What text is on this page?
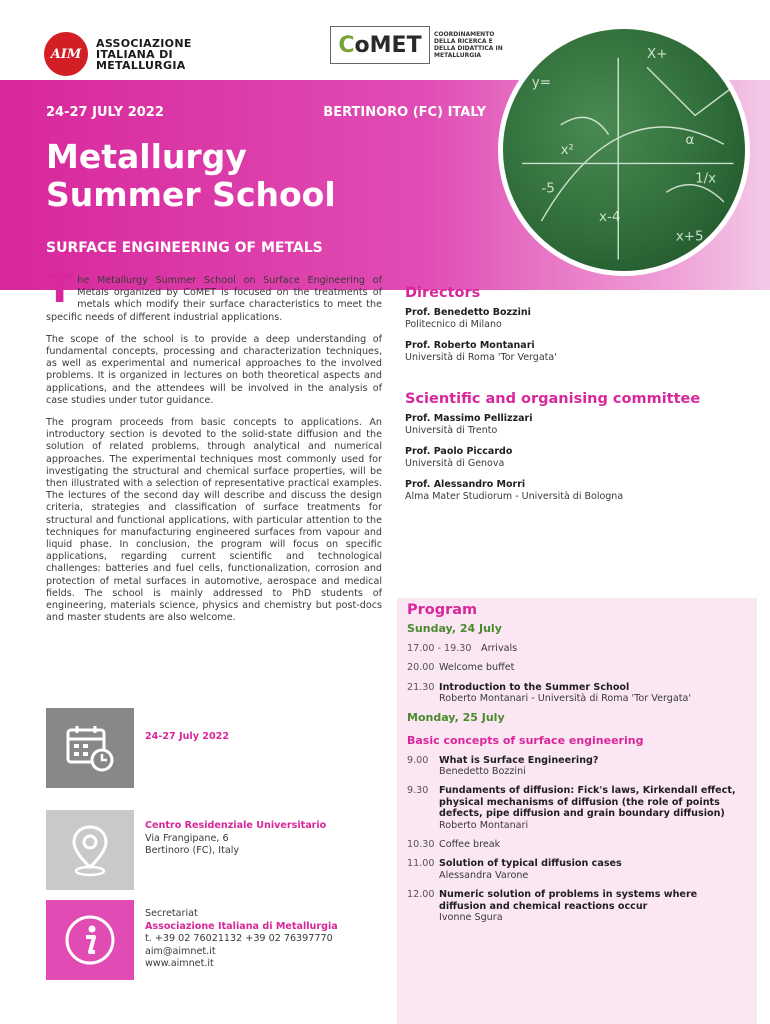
AIM
ASSOCIAZIONE
ITALIANA DI
METALLURGIA
C oMET	COORDINAMENTO DELLA RICERCA E DELLA DIDATTICA IN METALLURGIA
24-27 JULY 2022	BERTINORO (FC) ITALY
Metallurgy
Summer School
SURFACE ENGINEERING OF METALS
y=
X+
α
-5
x-4
x+5
x²
1/x

The Metallurgy Summer School on Surface Engineering of Metals organized by CoMET is focused on the treatments of metals which modify their surface characteristics to meet the specific needs of different industrial applications.

The scope of the school is to provide a deep understanding of fundamental concepts, processing and characterization techniques, as well as experimental and numerical approaches to the involved problems. It is organized in lectures on both theoretical aspects and applications, and the attendees will be involved in the analysis of case studies under tutor guidance.

The program proceeds from basic concepts to applications. An introductory section is devoted to the solid-state diffusion and the solution of related problems, through analytical and numerical approaches. The experimental techniques most commonly used for investigating the structural and chemical surface properties, will be then illustrated with a selection of representative practical examples. The lectures of the second day will describe and discuss the design criteria, strategies and classification of surface treatments for structural and functional applications, with particular attention to the techniques for manufacturing engineered surfaces from vapour and liquid phase. In conclusion, the program will focus on specific applications, regarding current scientific and technological challenges: batteries and fuel cells, functionalization, corrosion and protection of metal surfaces in automotive, aerospace and medical fields. The school is mainly addressed to PhD students of engineering, materials science, physics and chemistry but post-docs and master students are also welcome.

Directors
Prof. Benedetto Bozzini
Politecnico di Milano
Prof. Roberto Montanari
Università di Roma 'Tor Vergata'
Scientific and organising committee
Prof. Massimo Pellizzari
Università di Trento
Prof. Paolo Piccardo
Università di Genova
Prof. Alessandro Morri
Alma Mater Studiorum - Università di Bologna
Program
Sunday, 24 July
17.00 - 19.30 Arrivals
20.00 Welcome buffet
21.30 Introduction to the Summer School
Roberto Montanari - Università di Roma 'Tor Vergata'
Monday, 25 July
Basic concepts of surface engineering
9.00	What is Surface Engineering?
Benedetto Bozzini
9.30	Fundaments of diffusion: Fick's laws, Kirkendall effect, physical mechanisms of diffusion (the role of points defects, pipe diffusion and grain boundary diffusion)
Roberto Montanari
10.30 Coffee break
11.00 Solution of typical diffusion cases
Alessandra Varone
12.00 Numeric solution of problems in systems where diffusion and chemical reactions occur
Ivonne Sgura
24-27 July 2022
Centro Residenziale Universitario
Via Frangipane, 6
Bertinoro (FC), Italy
Secretariat
Associazione Italiana di Metallurgia
t. +39 02 76021132 +39 02 76397770
aim@aimnet.it
www.aimnet.it
